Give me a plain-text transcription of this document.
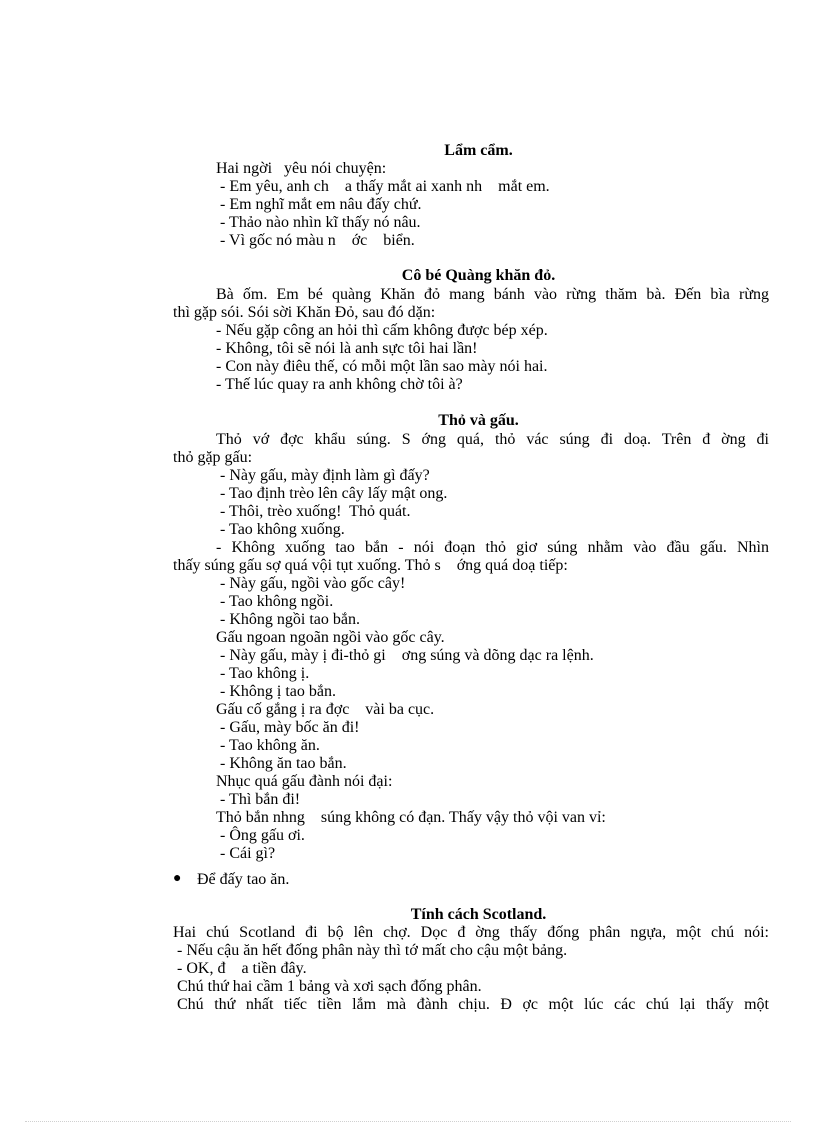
Lẩm cẩm.

Hai ngời   yêu nói chuyện:

- Em yêu, anh ch    a thấy mắt ai xanh nh    mắt em.

- Em nghĩ mắt em nâu đấy chứ.

- Thảo nào nhìn kĩ thấy nó nâu.

- Vì gốc nó màu n    ớc    biển.

Cô bé Quàng khăn đỏ.

Bà ốm. Em bé quàng Khăn đỏ mang bánh vào rừng thăm bà. Đến bìa rừng

thì gặp sói. Sói sời Khăn Đỏ, sau đó dặn:

- Nếu gặp công an hỏi thì cấm không được bép xép.

- Không, tôi sẽ nói là anh sực tôi hai lần!

- Con này điêu thế, có mỗi một lần sao mày nói hai.

- Thế lúc quay ra anh không chờ tôi à?

Thỏ và gấu.

Thỏ vớ đợc khẩu súng. S ớng quá, thỏ vác súng đi doạ. Trên đ ờng đi

thỏ gặp gấu:

- Này gấu, mày định làm gì đấy?

- Tao định trèo lên cây lấy mật ong.

- Thôi, trèo xuống!  Thỏ quát.

- Tao không xuống.

- Không xuống tao bắn - nói đoạn thỏ giơ súng nhằm vào đầu gấu. Nhìn

thấy súng gấu sợ quá vội tụt xuống. Thỏ s    ớng quá doạ tiếp:

- Này gấu, ngồi vào gốc cây!

- Tao không ngồi.

- Không ngồi tao bắn.

Gấu ngoan ngoãn ngồi vào gốc cây.

- Này gấu, mày ị đi-thỏ gi    ơng súng và dõng dạc ra lệnh.

- Tao không ị.

- Không ị tao bắn.

Gấu cố gắng ị ra đợc    vài ba cục.

- Gấu, mày bốc ăn đi!

- Tao không ăn.

- Không ăn tao bắn.

Nhục quá gấu đành nói đại:

- Thì bắn đi!

Thỏ bắn nhng    súng không có đạn. Thấy vậy thỏ vội van vỉ:

- Ông gấu ơi.

- Cái gì?

● Để đấy tao ăn.

Tính cách Scotland.

Hai chú Scotland đi bộ lên chợ. Dọc đ ờng thấy đống phân ngựa, một chú nói:

- Nếu cậu ăn hết đống phân này thì tớ mất cho cậu một bảng.

- OK, đ    a tiền đây.

Chú thứ hai cầm 1 bảng và xơi sạch đống phân.

Chú thứ nhất tiếc tiền lắm mà đành chịu. Đ ợc một lúc các chú lại thấy một
